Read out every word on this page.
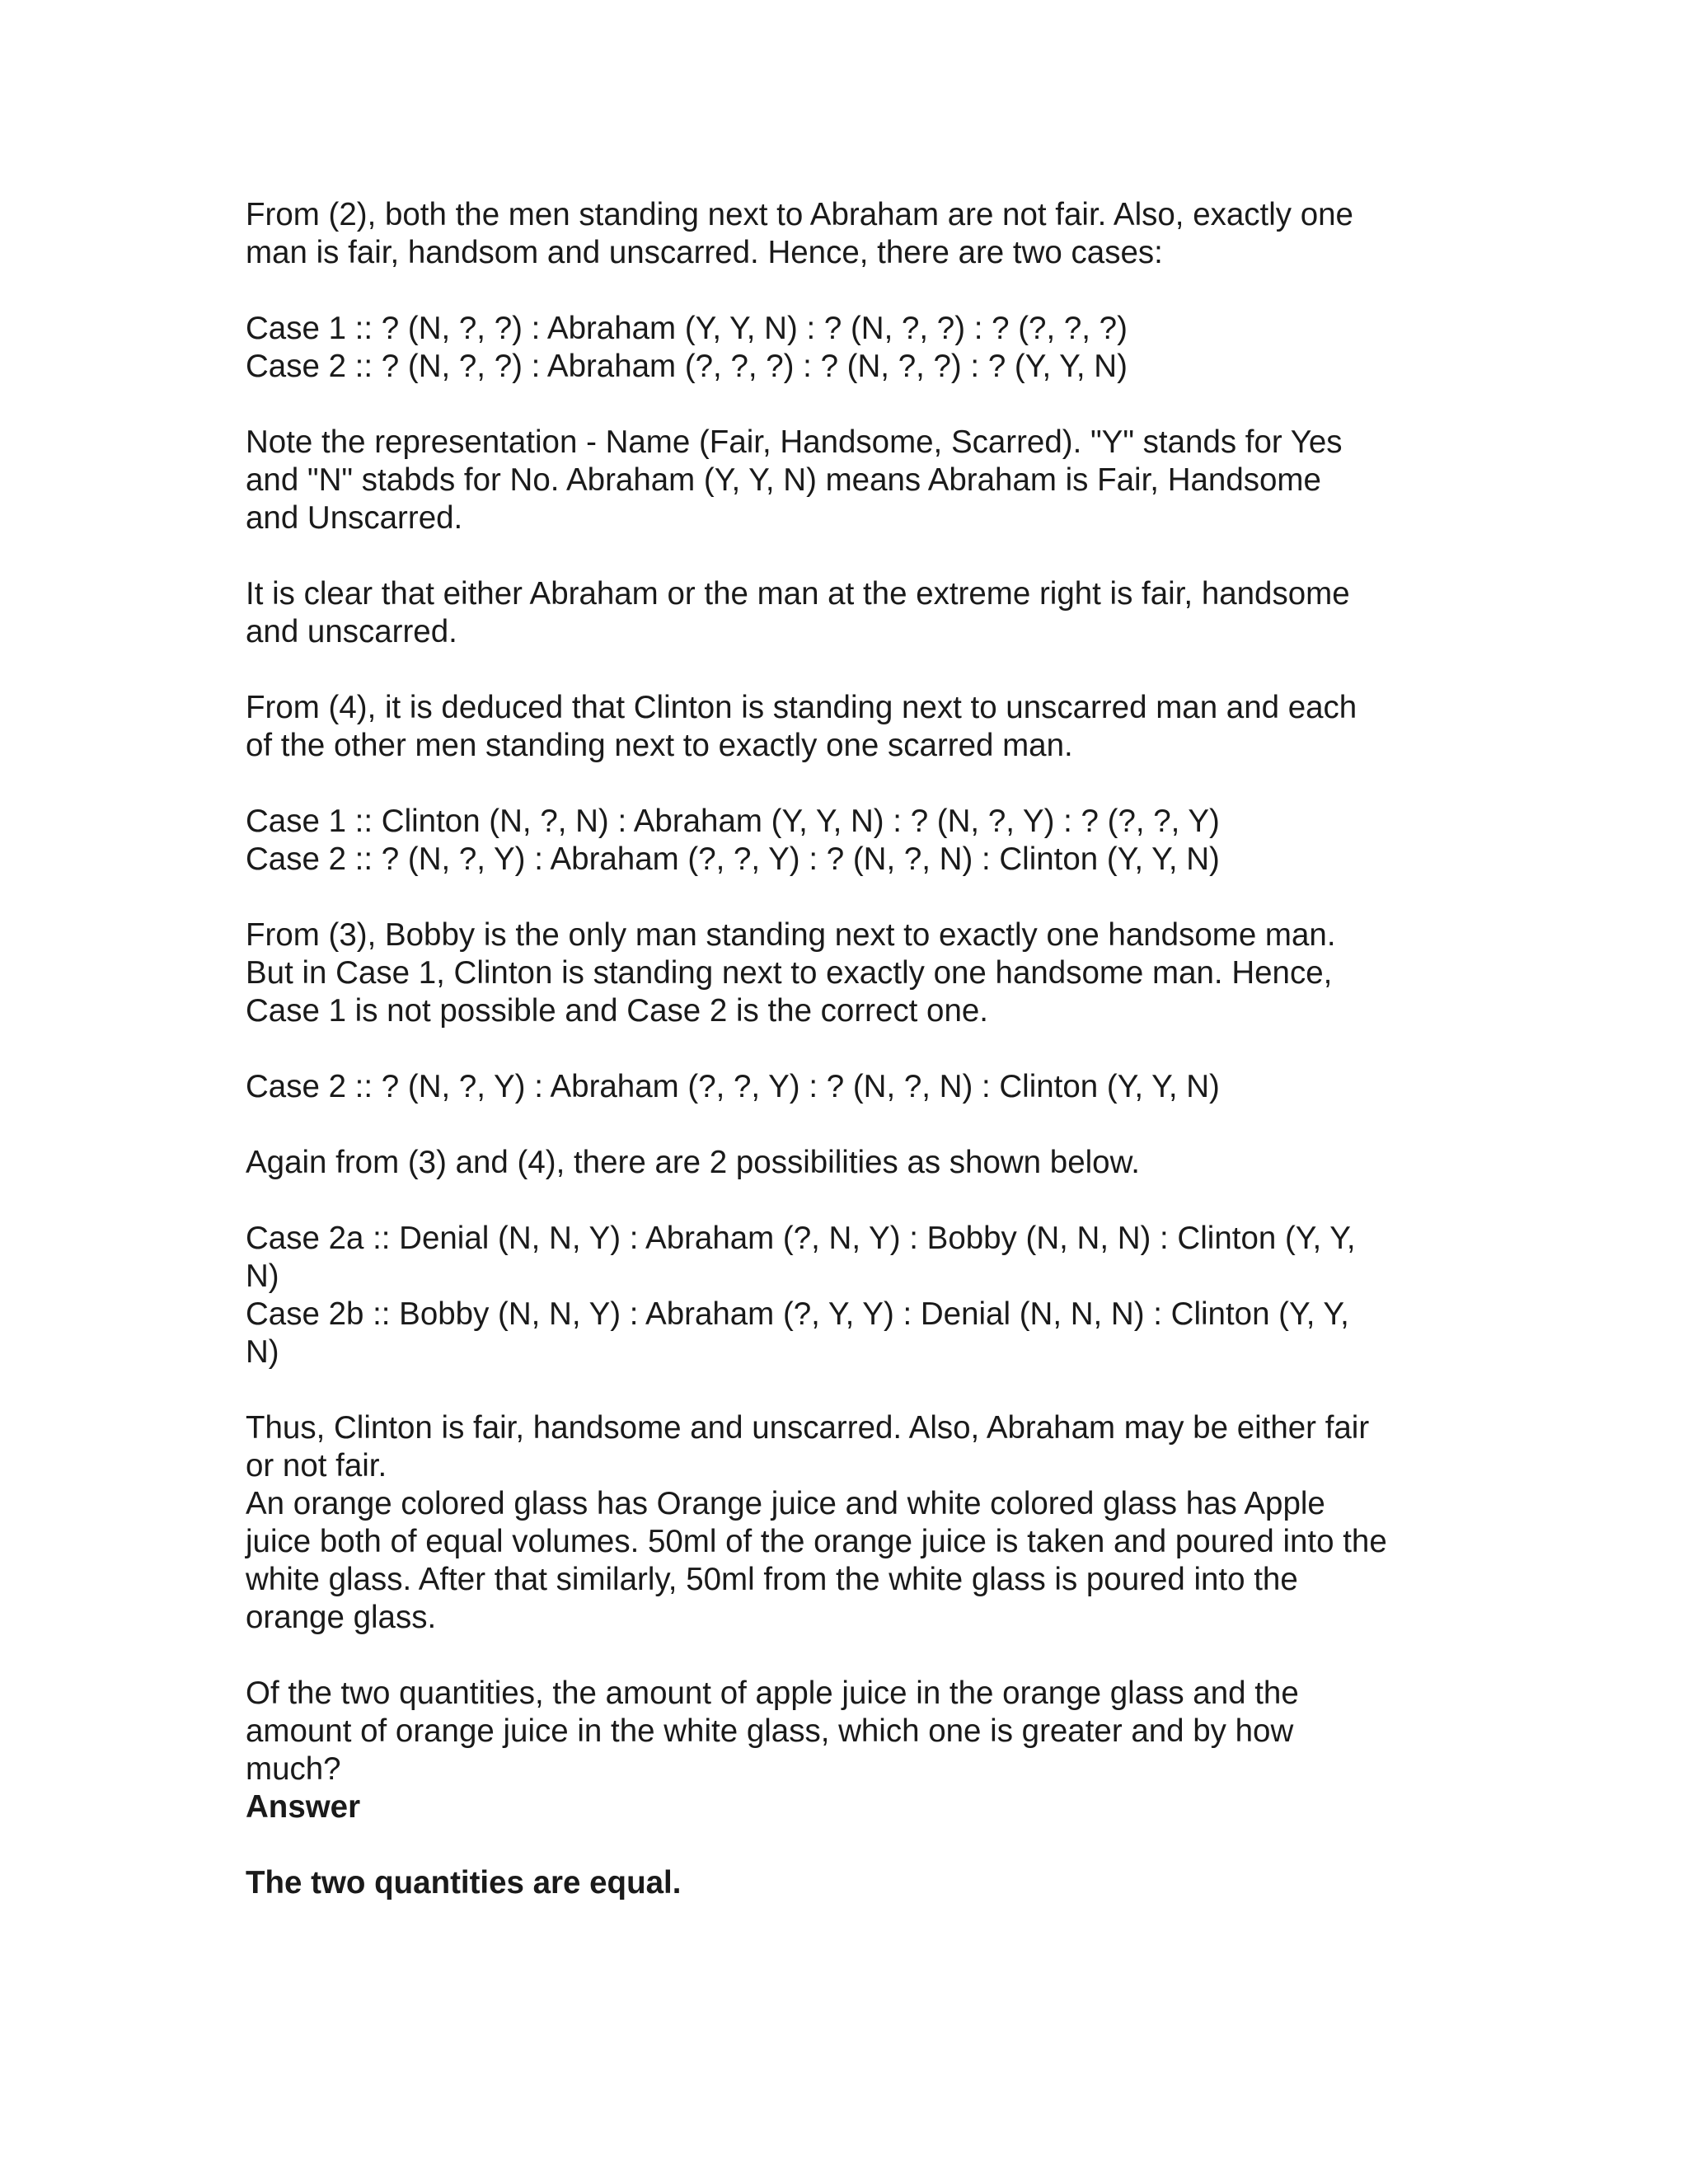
From (2), both the men standing next to Abraham are not fair. Also, exactly one
man is fair, handsom and unscarred. Hence, there are two cases:
Case 1 :: ? (N, ?, ?) : Abraham (Y, Y, N) : ? (N, ?, ?) : ? (?, ?, ?)
Case 2 :: ? (N, ?, ?) : Abraham (?, ?, ?) : ? (N, ?, ?) : ? (Y, Y, N)
Note the representation - Name (Fair, Handsome, Scarred). "Y" stands for Yes
and "N" stabds for No. Abraham (Y, Y, N) means Abraham is Fair, Handsome
and Unscarred.
It is clear that either Abraham or the man at the extreme right is fair, handsome
and unscarred.
From (4), it is deduced that Clinton is standing next to unscarred man and each
of the other men standing next to exactly one scarred man.
Case 1 :: Clinton (N, ?, N) : Abraham (Y, Y, N) : ? (N, ?, Y) : ? (?, ?, Y)
Case 2 :: ? (N, ?, Y) : Abraham (?, ?, Y) : ? (N, ?, N) : Clinton (Y, Y, N)
From (3), Bobby is the only man standing next to exactly one handsome man.
But in Case 1, Clinton is standing next to exactly one handsome man. Hence,
Case 1 is not possible and Case 2 is the correct one.
Case 2 :: ? (N, ?, Y) : Abraham (?, ?, Y) : ? (N, ?, N) : Clinton (Y, Y, N)
Again from (3) and (4), there are 2 possibilities as shown below.
Case 2a :: Denial (N, N, Y) : Abraham (?, N, Y) : Bobby (N, N, N) : Clinton (Y, Y,
N)
Case 2b :: Bobby (N, N, Y) : Abraham (?, Y, Y) : Denial (N, N, N) : Clinton (Y, Y,
N)
Thus, Clinton is fair, handsome and unscarred. Also, Abraham may be either fair
or not fair.
An orange colored glass has Orange juice and white colored glass has Apple
juice both of equal volumes. 50ml of the orange juice is taken and poured into the
white glass. After that similarly, 50ml from the white glass is poured into the
orange glass.
Of the two quantities, the amount of apple juice in the orange glass and the
amount of orange juice in the white glass, which one is greater and by how
much?
Answer
The two quantities are equal.
